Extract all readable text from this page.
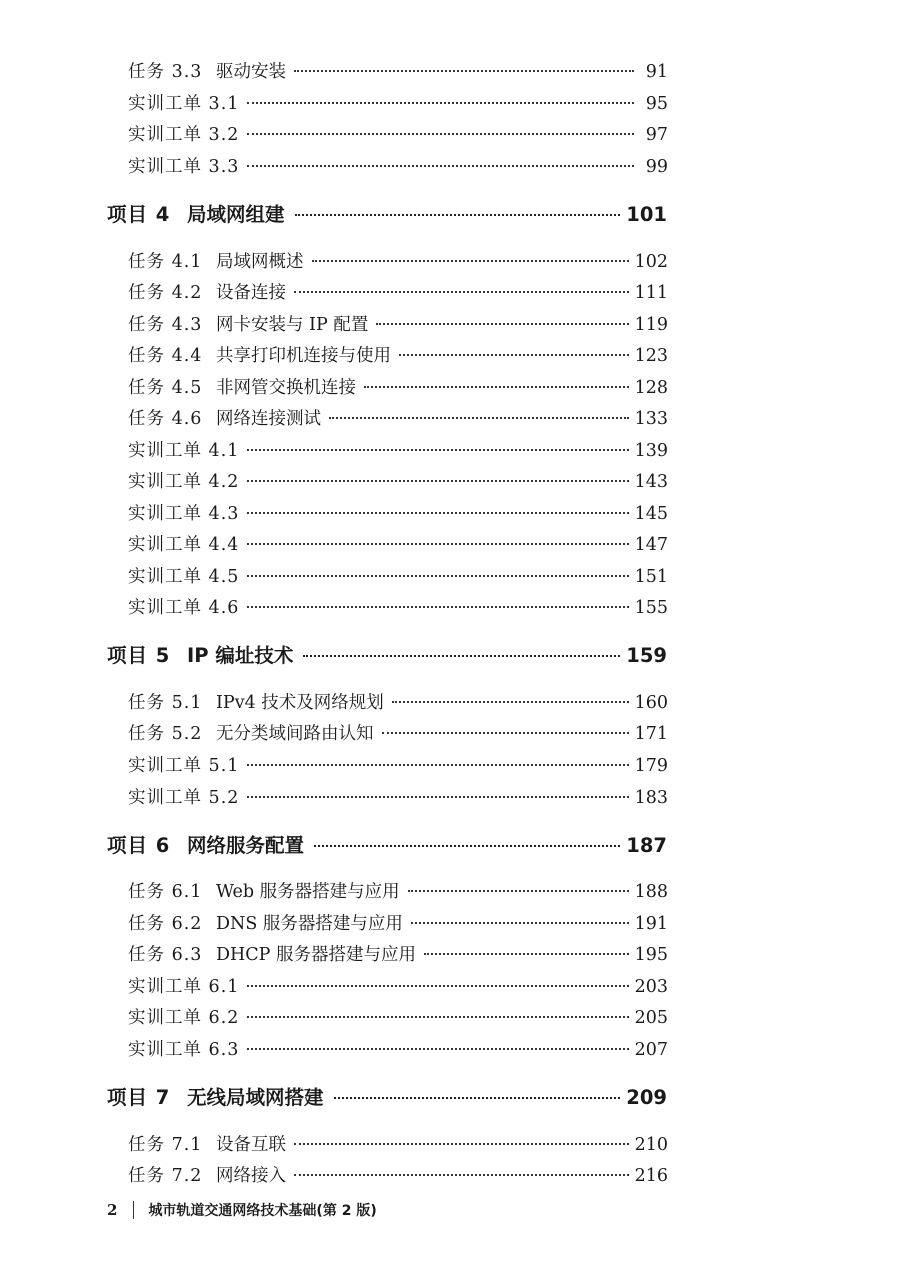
任务 3.3 驱动安装	91
实训工单 3.1	95
实训工单 3.2	97
实训工单 3.3	99
项目 4 局域网组建	101
任务 4.1 局域网概述	102
任务 4.2 设备连接	111
任务 4.3 网卡安装与 IP 配置	119
任务 4.4 共享打印机连接与使用	123
任务 4.5 非网管交换机连接	128
任务 4.6 网络连接测试	133
实训工单 4.1	139
实训工单 4.2	143
实训工单 4.3	145
实训工单 4.4	147
实训工单 4.5	151
实训工单 4.6	155
项目 5 IP 编址技术	159
任务 5.1 IPv4 技术及网络规划	160
任务 5.2 无分类域间路由认知	171
实训工单 5.1	179
实训工单 5.2	183
项目 6 网络服务配置	187
任务 6.1 Web 服务器搭建与应用	188
任务 6.2 DNS 服务器搭建与应用	191
任务 6.3 DHCP 服务器搭建与应用	195
实训工单 6.1	203
实训工单 6.2	205
实训工单 6.3	207
项目 7 无线局域网搭建	209
任务 7.1 设备互联	210
任务 7.2 网络接入	216
2 城市轨道交通网络技术基础(第 2 版)
